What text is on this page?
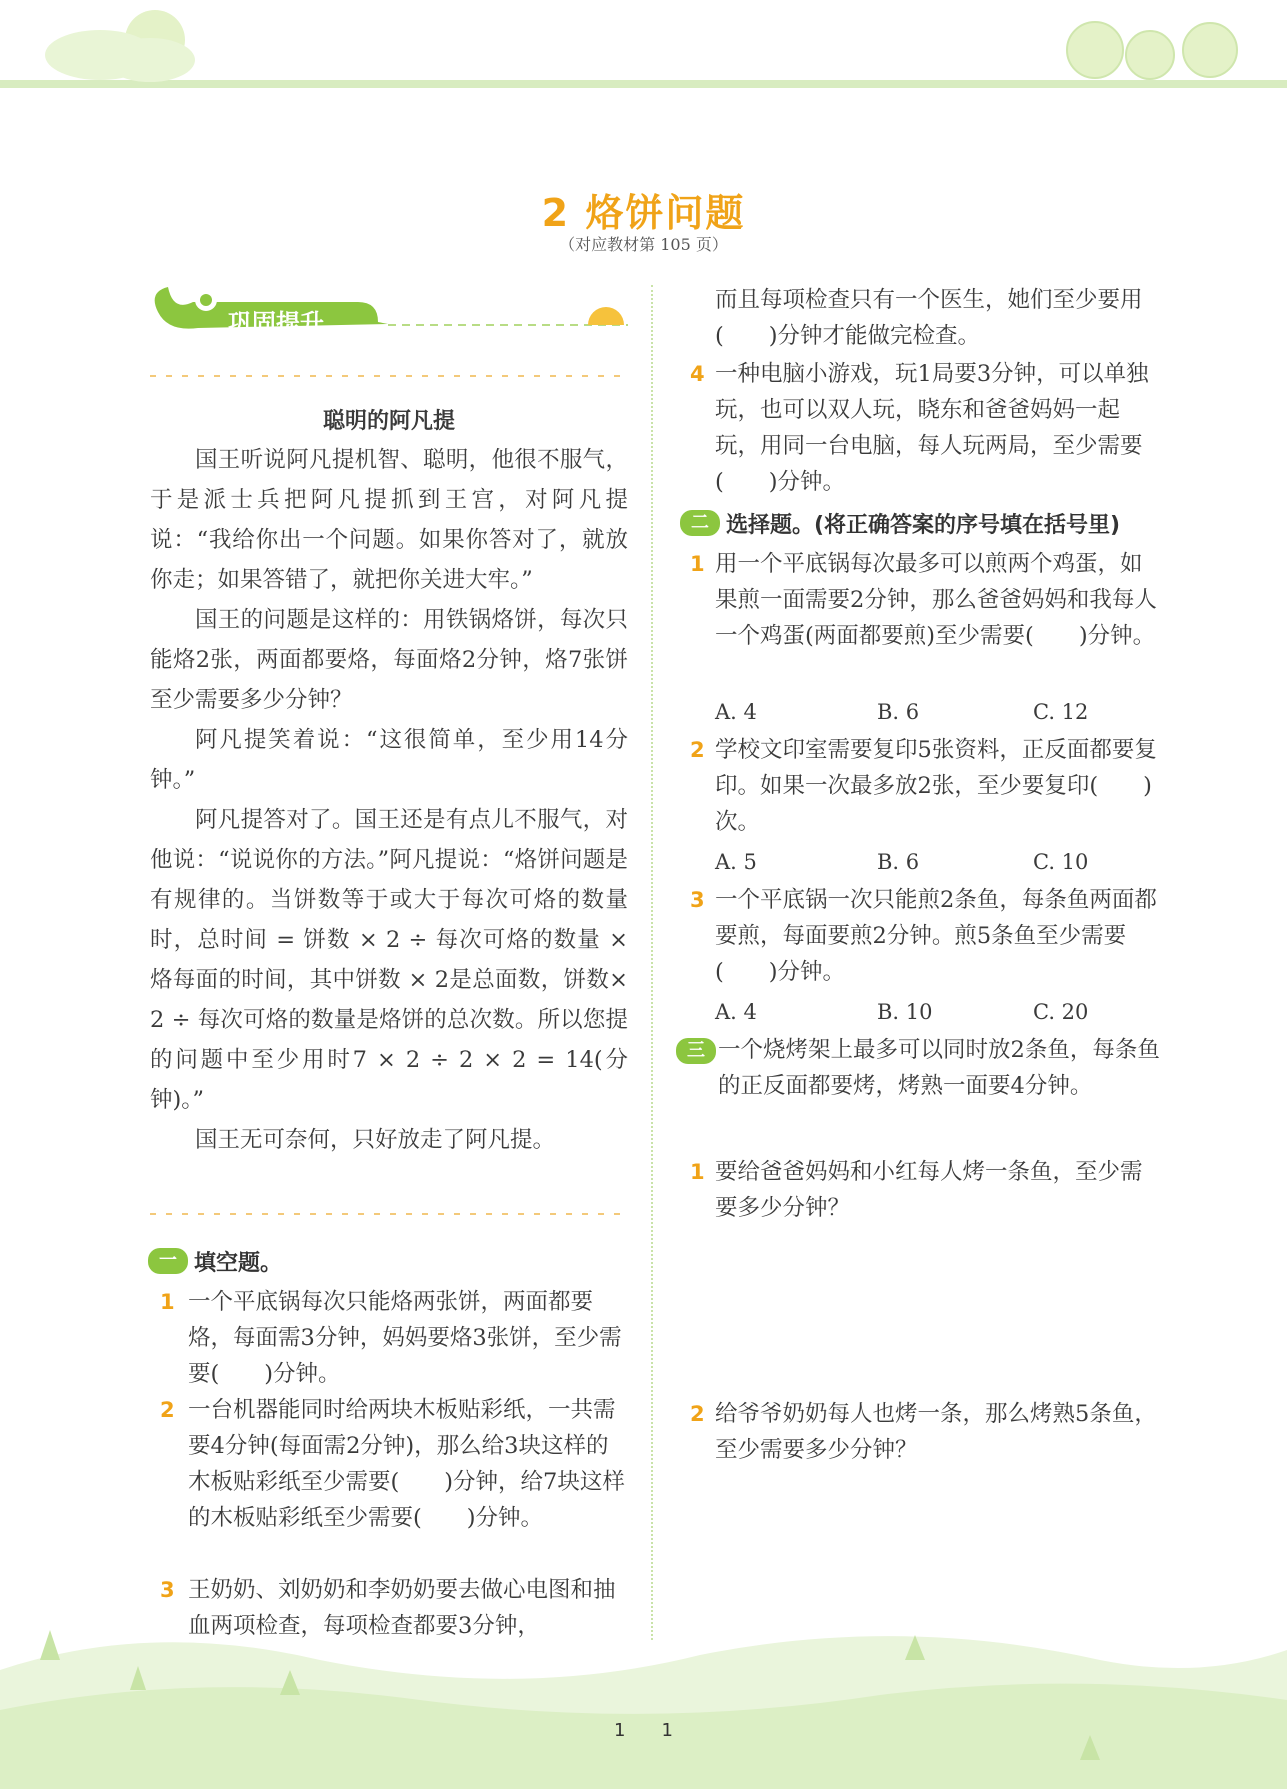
2 烙饼问题
（对应教材第 105 页）
巩固提升
聪明的阿凡提

国王听说阿凡提机智、聪明，他很不服气，于是派士兵把阿凡提抓到王宫，对阿凡提说：“我给你出一个问题。如果你答对了，就放你走；如果答错了，就把你关进大牢。”

国王的问题是这样的：用铁锅烙饼，每次只能烙2张，两面都要烙，每面烙2分钟，烙7张饼至少需要多少分钟？

阿凡提笑着说：“这很简单，至少用14分钟。”

阿凡提答对了。国王还是有点儿不服气，对他说：“说说你的方法。”阿凡提说：“烙饼问题是有规律的。当饼数等于或大于每次可烙的数量时，总时间 = 饼数 × 2 ÷ 每次可烙的数量 × 烙每面的时间，其中饼数 × 2是总面数，饼数× 2 ÷ 每次可烙的数量是烙饼的总次数。所以您提的问题中至少用时7 × 2 ÷ 2 × 2 = 14(分钟)。”

国王无可奈何，只好放走了阿凡提。

一 填空题。
1 一个平底锅每次只能烙两张饼，两面都要烙，每面需3分钟，妈妈要烙3张饼，至少需要(　　)分钟。
2 一台机器能同时给两块木板贴彩纸，一共需要4分钟(每面需2分钟)，那么给3块这样的木板贴彩纸至少需要(　　)分钟，给7块这样的木板贴彩纸至少需要(　　)分钟。
3 王奶奶、刘奶奶和李奶奶要去做心电图和抽血两项检查，每项检查都要3分钟，
而且每项检查只有一个医生，她们至少要用(　　)分钟才能做完检查。
4 一种电脑小游戏，玩1局要3分钟，可以单独玩，也可以双人玩，晓东和爸爸妈妈一起玩，用同一台电脑，每人玩两局，至少需要(　　)分钟。
二 选择题。(将正确答案的序号填在括号里)
1 用一个平底锅每次最多可以煎两个鸡蛋，如果煎一面需要2分钟，那么爸爸妈妈和我每人一个鸡蛋(两面都要煎)至少需要(　　)分钟。
A. 4	B. 6	C. 12
2 学校文印室需要复印5张资料，正反面都要复印。如果一次最多放2张，至少要复印(　　)次。
A. 5	B. 6	C. 10
3 一个平底锅一次只能煎2条鱼，每条鱼两面都要煎，每面要煎2分钟。煎5条鱼至少需要(　　)分钟。
A. 4	B. 10	C. 20
三 一个烧烤架上最多可以同时放2条鱼，每条鱼的正反面都要烤，烤熟一面要4分钟。
1 要给爸爸妈妈和小红每人烤一条鱼，至少需要多少分钟？
2 给爷爷奶奶每人也烤一条，那么烤熟5条鱼，至少需要多少分钟？
1　　1
